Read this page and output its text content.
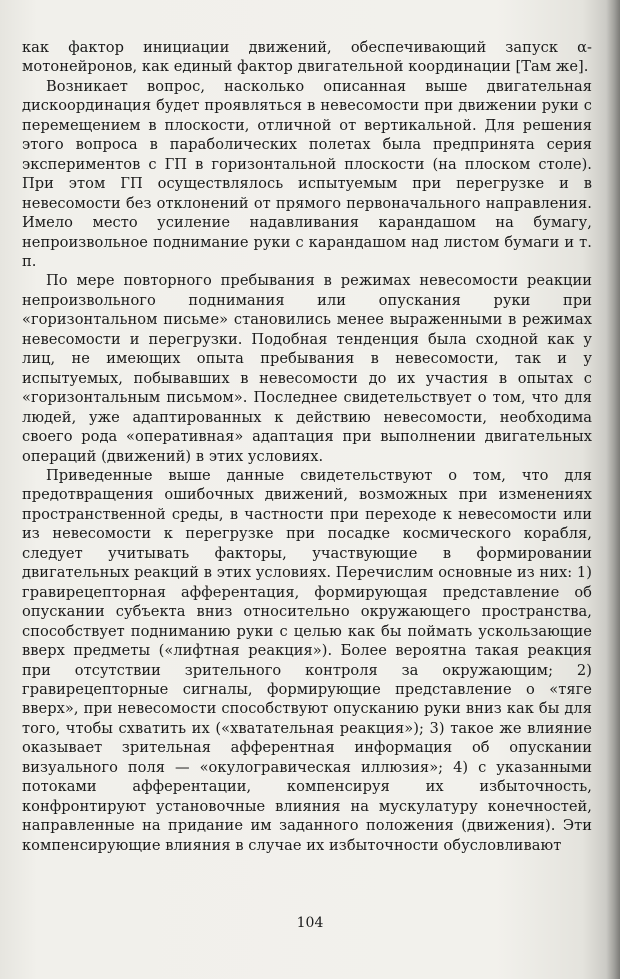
как фактор инициации движений, обеспечивающий запуск α-мотонейронов, как единый фактор двигательной координации [Там же].

Возникает вопрос, насколько описанная выше двигательная дискоординация будет проявляться в невесомости при движении руки с перемещением в плоскости, отличной от вертикальной. Для решения этого вопроса в параболических полетах была предпринята серия экспериментов с ГП в горизонтальной плоскости (на плоском столе). При этом ГП осуществлялось испытуемым при перегрузке и в невесомости без отклонений от прямого первоначального направления. Имело место усиление надавливания карандашом на бумагу, непроизвольное поднимание руки с карандашом над листом бумаги и т. п.

По мере повторного пребывания в режимах невесомости реакции непроизвольного поднимания или опускания руки при «горизонтальном письме» становились менее выраженными в режимах невесомости и перегрузки. Подобная тенденция была сходной как у лиц, не имеющих опыта пребывания в невесомости, так и у испытуемых, побывавших в невесомости до их участия в опытах с «горизонтальным письмом». Последнее свидетельствует о том, что для людей, уже адаптированных к действию невесомости, необходима своего рода «оперативная» адаптация при выполнении двигательных операций (движений) в этих условиях.

Приведенные выше данные свидетельствуют о том, что для предотвращения ошибочных движений, возможных при изменениях пространственной среды, в частности при переходе к невесомости или из невесомости к перегрузке при посадке космического корабля, следует учитывать факторы, участвующие в формировании двигательных реакций в этих условиях. Перечислим основные из них: 1) гравирецепторная афферентация, формирующая представление об опускании субъекта вниз относительно окружающего пространства, способствует подниманию руки с целью как бы поймать ускользающие вверх предметы («лифтная реакция»). Более вероятна такая реакция при отсутствии зрительного контроля за окружающим; 2) гравирецепторные сигналы, формирующие представление о «тяге вверх», при невесомости способствуют опусканию руки вниз как бы для того, чтобы схватить их («хватательная реакция»); 3) такое же влияние оказывает зрительная афферентная информация об опускании визуального поля — «окулогравическая иллюзия»; 4) с указанными потоками афферентации, компенсируя их избыточность, конфронтируют установочные влияния на мускулатуру конечностей, направленные на придание им заданного положения (движения). Эти компенсирующие влияния в случае их избыточности обусловливают

104
